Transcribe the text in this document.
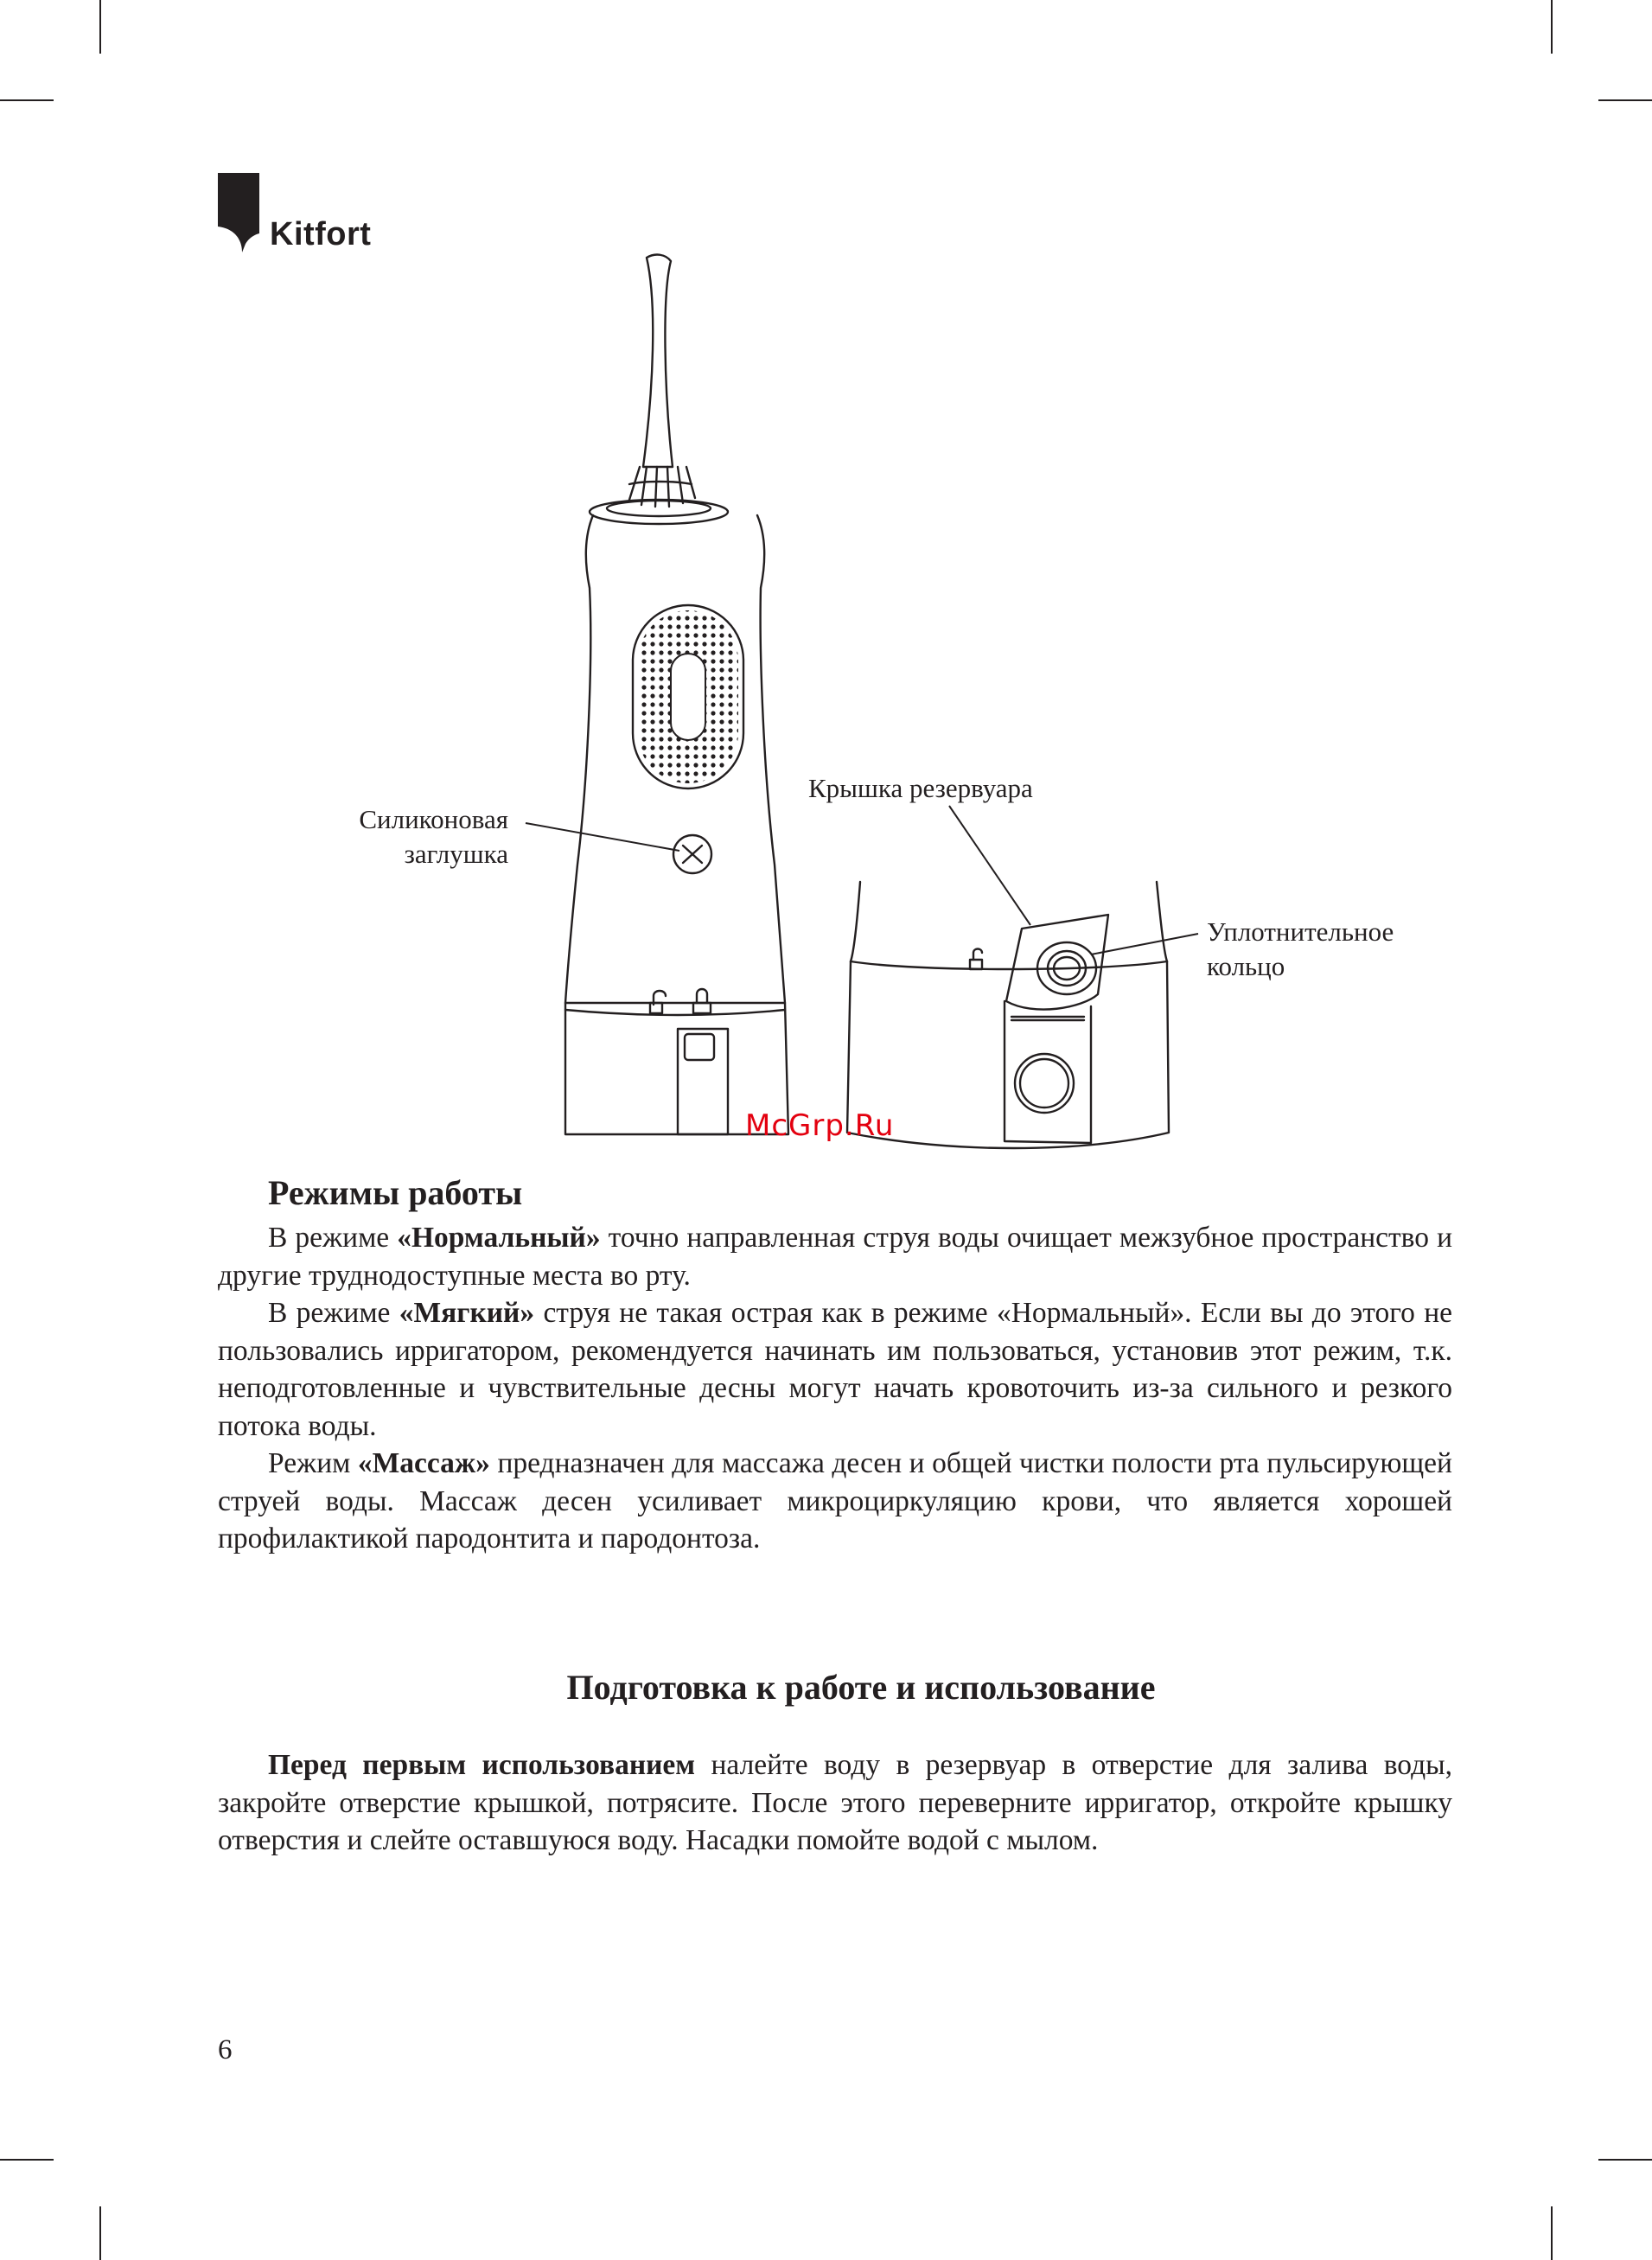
Kitfort
Силиконовая
заглушка
Крышка резервуара
Уплотнительное
кольцо
McGrp.Ru
Режимы работы

В режиме «Нормальный» точно направленная струя воды очищает межзубное пространство и другие труднодоступные места во рту.

В режиме «Мягкий» струя не такая острая как в режиме «Нормальный». Если вы до этого не пользовались ирригатором, рекомендуется начинать им пользоваться, установив этот режим, т.к. неподготовленные и чувствительные десны могут начать кровоточить из-за сильного и резкого потока воды.

Режим «Массаж» предназначен для массажа десен и общей чистки полости рта пульсирующей струей воды. Массаж десен усиливает микроциркуляцию крови, что является хорошей профилактикой пародонтита и пародонтоза.

Подготовка к работе и использование

Перед первым использованием налейте воду в резервуар в отверстие для залива воды, закройте отверстие крышкой, потрясите. После этого переверните ирригатор, откройте крышку отверстия и слейте оставшуюся воду. Насадки помойте водой с мылом.

6
